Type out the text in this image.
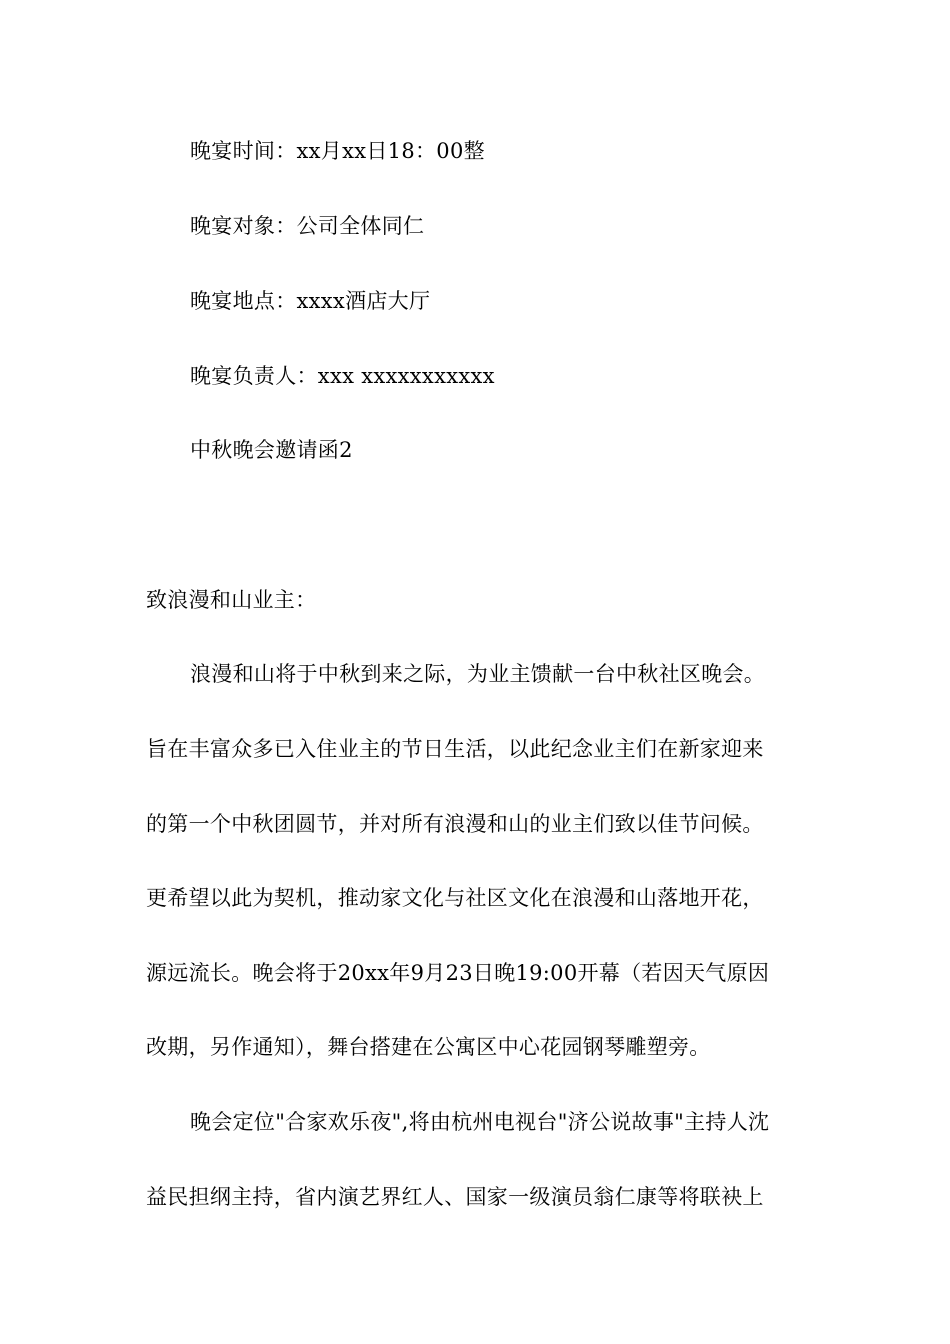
晚宴时间：xx月xx日18：00整
晚宴对象：公司全体同仁
晚宴地点：xxxx酒店大厅
晚宴负责人：xxx xxxxxxxxxxx
中秋晚会邀请函2
致浪漫和山业主：
浪漫和山将于中秋到来之际，为业主馈献一台中秋社区晚会。
旨在丰富众多已入住业主的节日生活，以此纪念业主们在新家迎来
的第一个中秋团圆节，并对所有浪漫和山的业主们致以佳节问候。
更希望以此为契机，推动家文化与社区文化在浪漫和山落地开花，
源远流长。晚会将于20xx年9月23日晚19:00开幕（若因天气原因
改期，另作通知），舞台搭建在公寓区中心花园钢琴雕塑旁。
晚会定位"合家欢乐夜",将由杭州电视台"济公说故事"主持人沈
益民担纲主持，省内演艺界红人、国家一级演员翁仁康等将联袂上
